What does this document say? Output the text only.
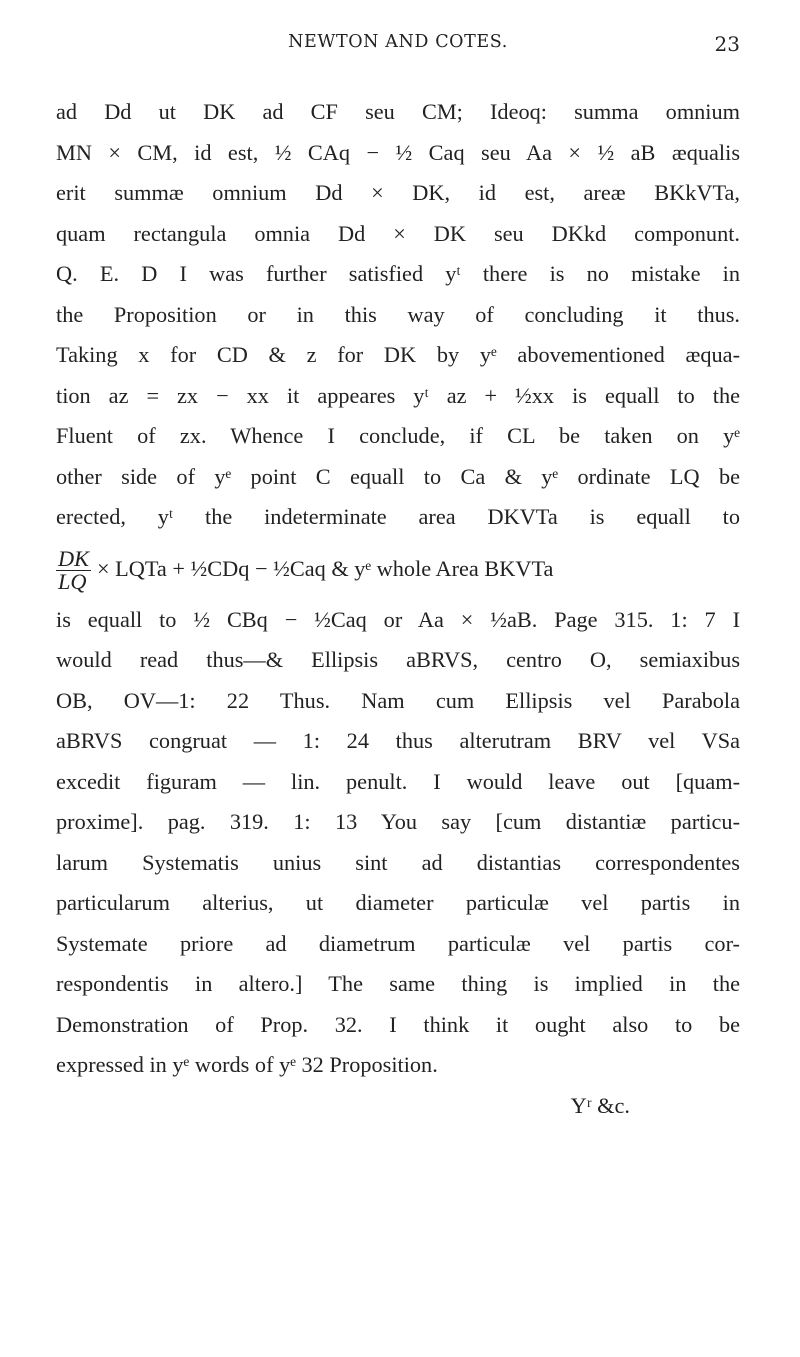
NEWTON AND COTES.	23
ad Dd ut DK ad CF seu CM; Ideoq: summa omnium
MN × CM, id est, ½ CAq − ½ Caq seu Aa × ½ aB æqualis
erit summæ omnium Dd × DK, id est, areæ BKkVTa,
quam rectangula omnia Dd × DK seu DKkd componunt.
Q. E. D I was further satisfied yᵗ there is no mistake in
the Proposition or in this way of concluding it thus.
Taking x for CD & z for DK by yᵉ abovementioned æqua-
tion az = zx − xx it appeares yᵗ az + ½xx is equall to the
Fluent of zx. Whence I conclude, if CL be taken on yᵉ
other side of yᵉ point C equall to Ca & yᵉ ordinate LQ be
erected, yᵗ the indeterminate area DKVTa is equall to
$\frac{DK}{LQ}$ × LQTa + ½CDq − ½Caq & yᵉ whole Area BKVTa
is equall to ½ CBq − ½Caq or Aa × ½aB. Page 315. 1: 7 I
would read thus—& Ellipsis aBRVS, centro O, semiaxibus
OB, OV—1: 22 Thus. Nam cum Ellipsis vel Parabola
aBRVS congruat — 1: 24 thus alterutram BRV vel VSa
excedit figuram — lin. penult. I would leave out [quam-
proxime]. pag. 319. 1: 13 You say [cum distantiæ particu-
larum Systematis unius sint ad distantias correspondentes
particularum alterius, ut diameter particulæ vel partis in
Systemate priore ad diametrum particulæ vel partis cor-
respondentis in altero.] The same thing is implied in the
Demonstration of Prop. 32. I think it ought also to be
expressed in yᵉ words of yᵉ 32 Proposition.
Yʳ &c.
